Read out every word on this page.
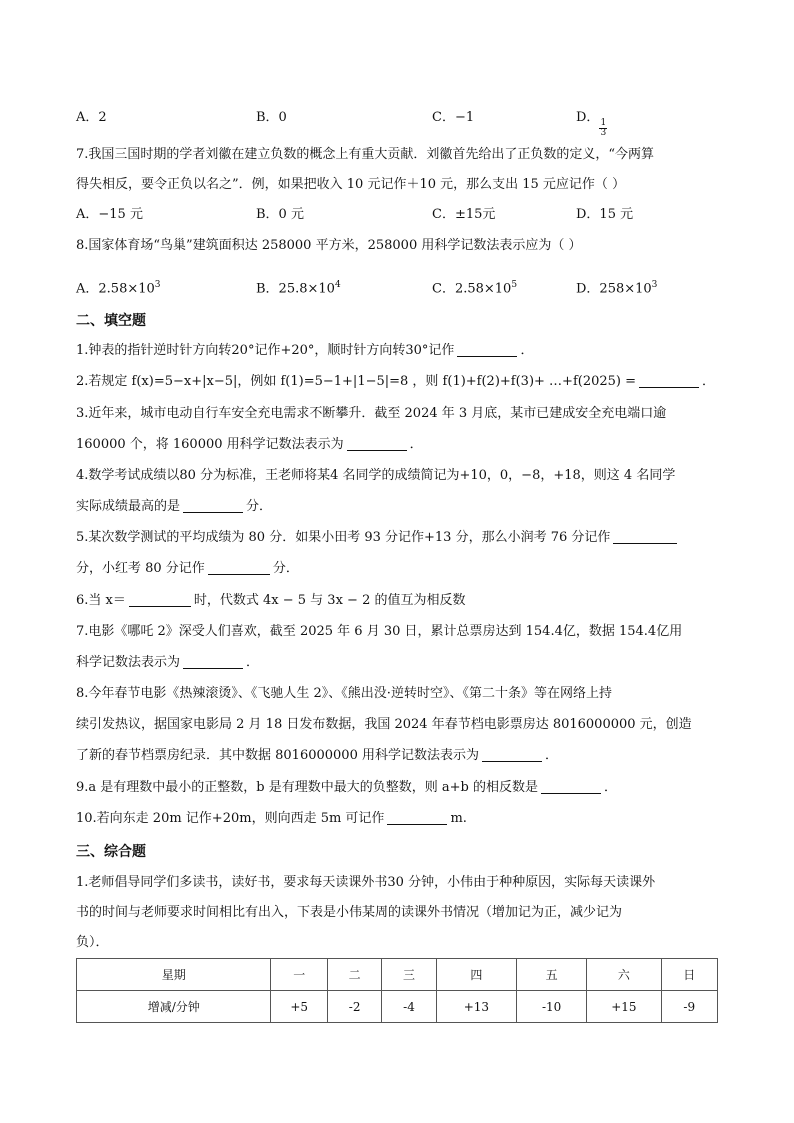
A．2	B．0	C．−1	D．
$\frac{1}{3}$
7.我国三国时期的学者刘徽在建立负数的概念上有重大贡献．刘徽首先给出了正负数的定义，“今两算
得失相反，要令正负以名之”．例，如果把收入 10 元记作＋10 元，那么支出 15 元应记作（ ）
A．−15 元	B．0 元	C．±15元	D．15 元
8.国家体育场“鸟巢”建筑面积达 258000 平方米，258000 用科学记数法表示应为（ ）
A．$2.58\times 10^3$	B．$25.8\times 10^4$	C．$2.58\times 10^5$	D．$258\times 10^3$
二、填空题
1.钟表的指针逆时针方向转20°记作+20°，顺时针方向转30°记作	．
2.若规定 f(x)=5−x+|x−5|，例如 f(1)=5−1+|1−5|=8 ，则 f(1)+f(2)+f(3)+ …+f(2025) =	．
3.近年来，城市电动自行车安全充电需求不断攀升．截至 2024 年 3 月底，某市已建成安全充电端口逾
160000 个，将 160000 用科学记数法表示为	．
4.数学考试成绩以80 分为标准，王老师将某4 名同学的成绩简记为+10，0，−8，+18，则这 4 名同学
实际成绩最高的是	分．
5.某次数学测试的平均成绩为 80 分．如果小田考 93 分记作+13 分，那么小润考 76 分记作
分，小红考 80 分记作	分．
6.当 x＝	时，代数式 4x − 5 与 3x − 2 的值互为相反数
7.电影《哪吒 2》深受人们喜欢，截至 2025 年 6 月 30 日，累计总票房达到 154.4亿，数据 154.4亿用
科学记数法表示为	．
8.今年春节电影《热辣滚烫》、《飞驰人生 2》、《熊出没·逆转时空》、《第二十条》等在网络上持
续引发热议，据国家电影局 2 月 18 日发布数据，我国 2024 年春节档电影票房达 8016000000 元，创造
了新的春节档票房纪录．其中数据 8016000000 用科学记数法表示为	．
9.a 是有理数中最小的正整数，b 是有理数中最大的负整数，则 a+b 的相反数是	．
10.若向东走 20m 记作+20m，则向西走 5m 可记作	m.
三、综合题
1.老师倡导同学们多读书，读好书，要求每天读课外书30 分钟，小伟由于种种原因，实际每天读课外
书的时间与老师要求时间相比有出入，下表是小伟某周的读课外书情况（增加记为正，减少记为
负）．
星期	一	二	三	四	五	六	日
增减/分钟	+5	-2	-4	+13	-10	+15	-9
